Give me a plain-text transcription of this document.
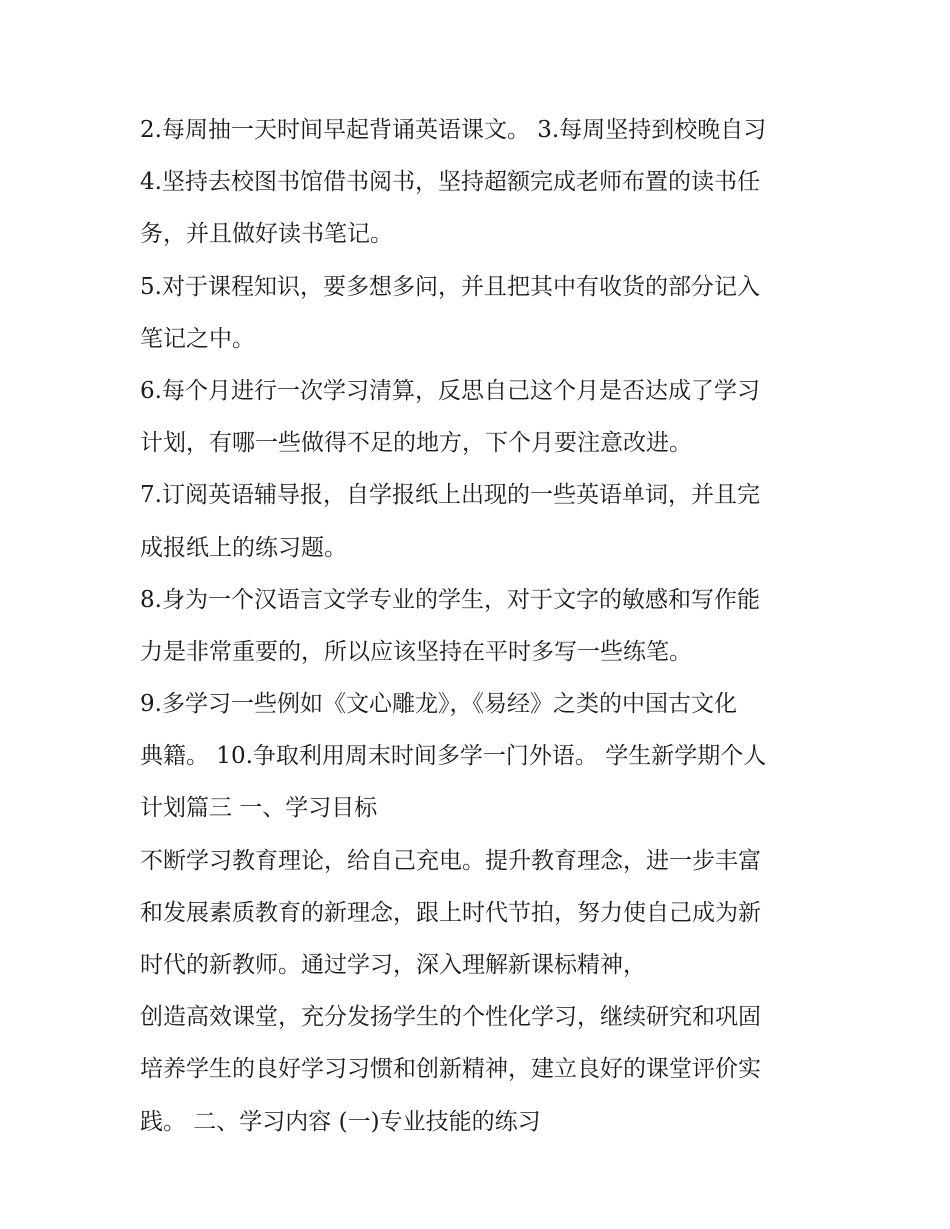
2.每周抽一天时间早起背诵英语课文。 3.每周坚持到校晚自习
4.坚持去校图书馆借书阅书，坚持超额完成老师布置的读书任
务，并且做好读书笔记。
5.对于课程知识，要多想多问，并且把其中有收货的部分记入
笔记之中。
6.每个月进行一次学习清算，反思自己这个月是否达成了学习
计划，有哪一些做得不足的地方，下个月要注意改进。
7.订阅英语辅导报，自学报纸上出现的一些英语单词，并且完
成报纸上的练习题。
8.身为一个汉语言文学专业的学生，对于文字的敏感和写作能
力是非常重要的，所以应该坚持在平时多写一些练笔。
9.多学习一些例如《文心雕龙》，《易经》之类的中国古文化
典籍。 10.争取利用周末时间多学一门外语。 学生新学期个人
计划篇三 一、学习目标
不断学习教育理论，给自己充电。提升教育理念，进一步丰富
和发展素质教育的新理念，跟上时代节拍，努力使自己成为新
时代的新教师。通过学习，深入理解新课标精神，
创造高效课堂，充分发扬学生的个性化学习，继续研究和巩固
培养学生的良好学习习惯和创新精神，建立良好的课堂评价实
践。 二、学习内容 (一)专业技能的练习
